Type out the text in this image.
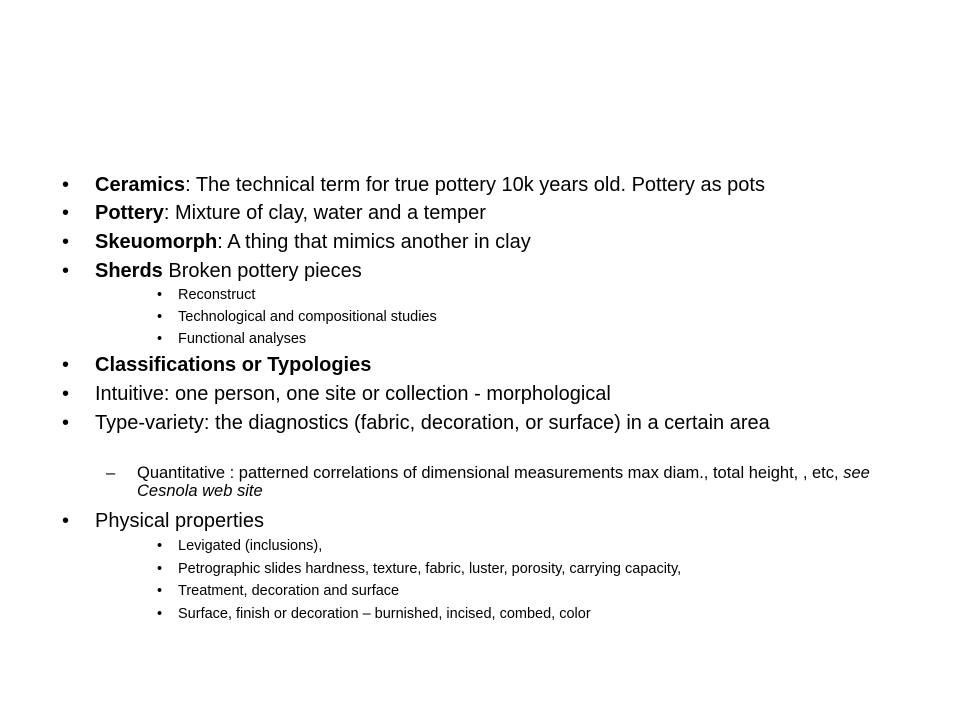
• Ceramics: The technical term for true pottery 10k years old. Pottery as pots

• Pottery: Mixture of clay, water and a temper

• Skeuomorph: A thing that mimics another in clay

• Sherds Broken pottery pieces

• Reconstruct

• Technological and compositional studies

• Functional analyses

• Classifications or Typologies

• Intuitive: one person, one site or collection - morphological

• Type-variety: the diagnostics (fabric, decoration, or surface) in a certain area

– Quantitative : patterned correlations of dimensional measurements max diam., total height, , etc, see Cesnola web site

• Physical properties

• Levigated (inclusions),

• Petrographic slides hardness, texture, fabric, luster, porosity, carrying capacity,

• Treatment, decoration and surface

• Surface, finish or decoration – burnished, incised, combed, color
